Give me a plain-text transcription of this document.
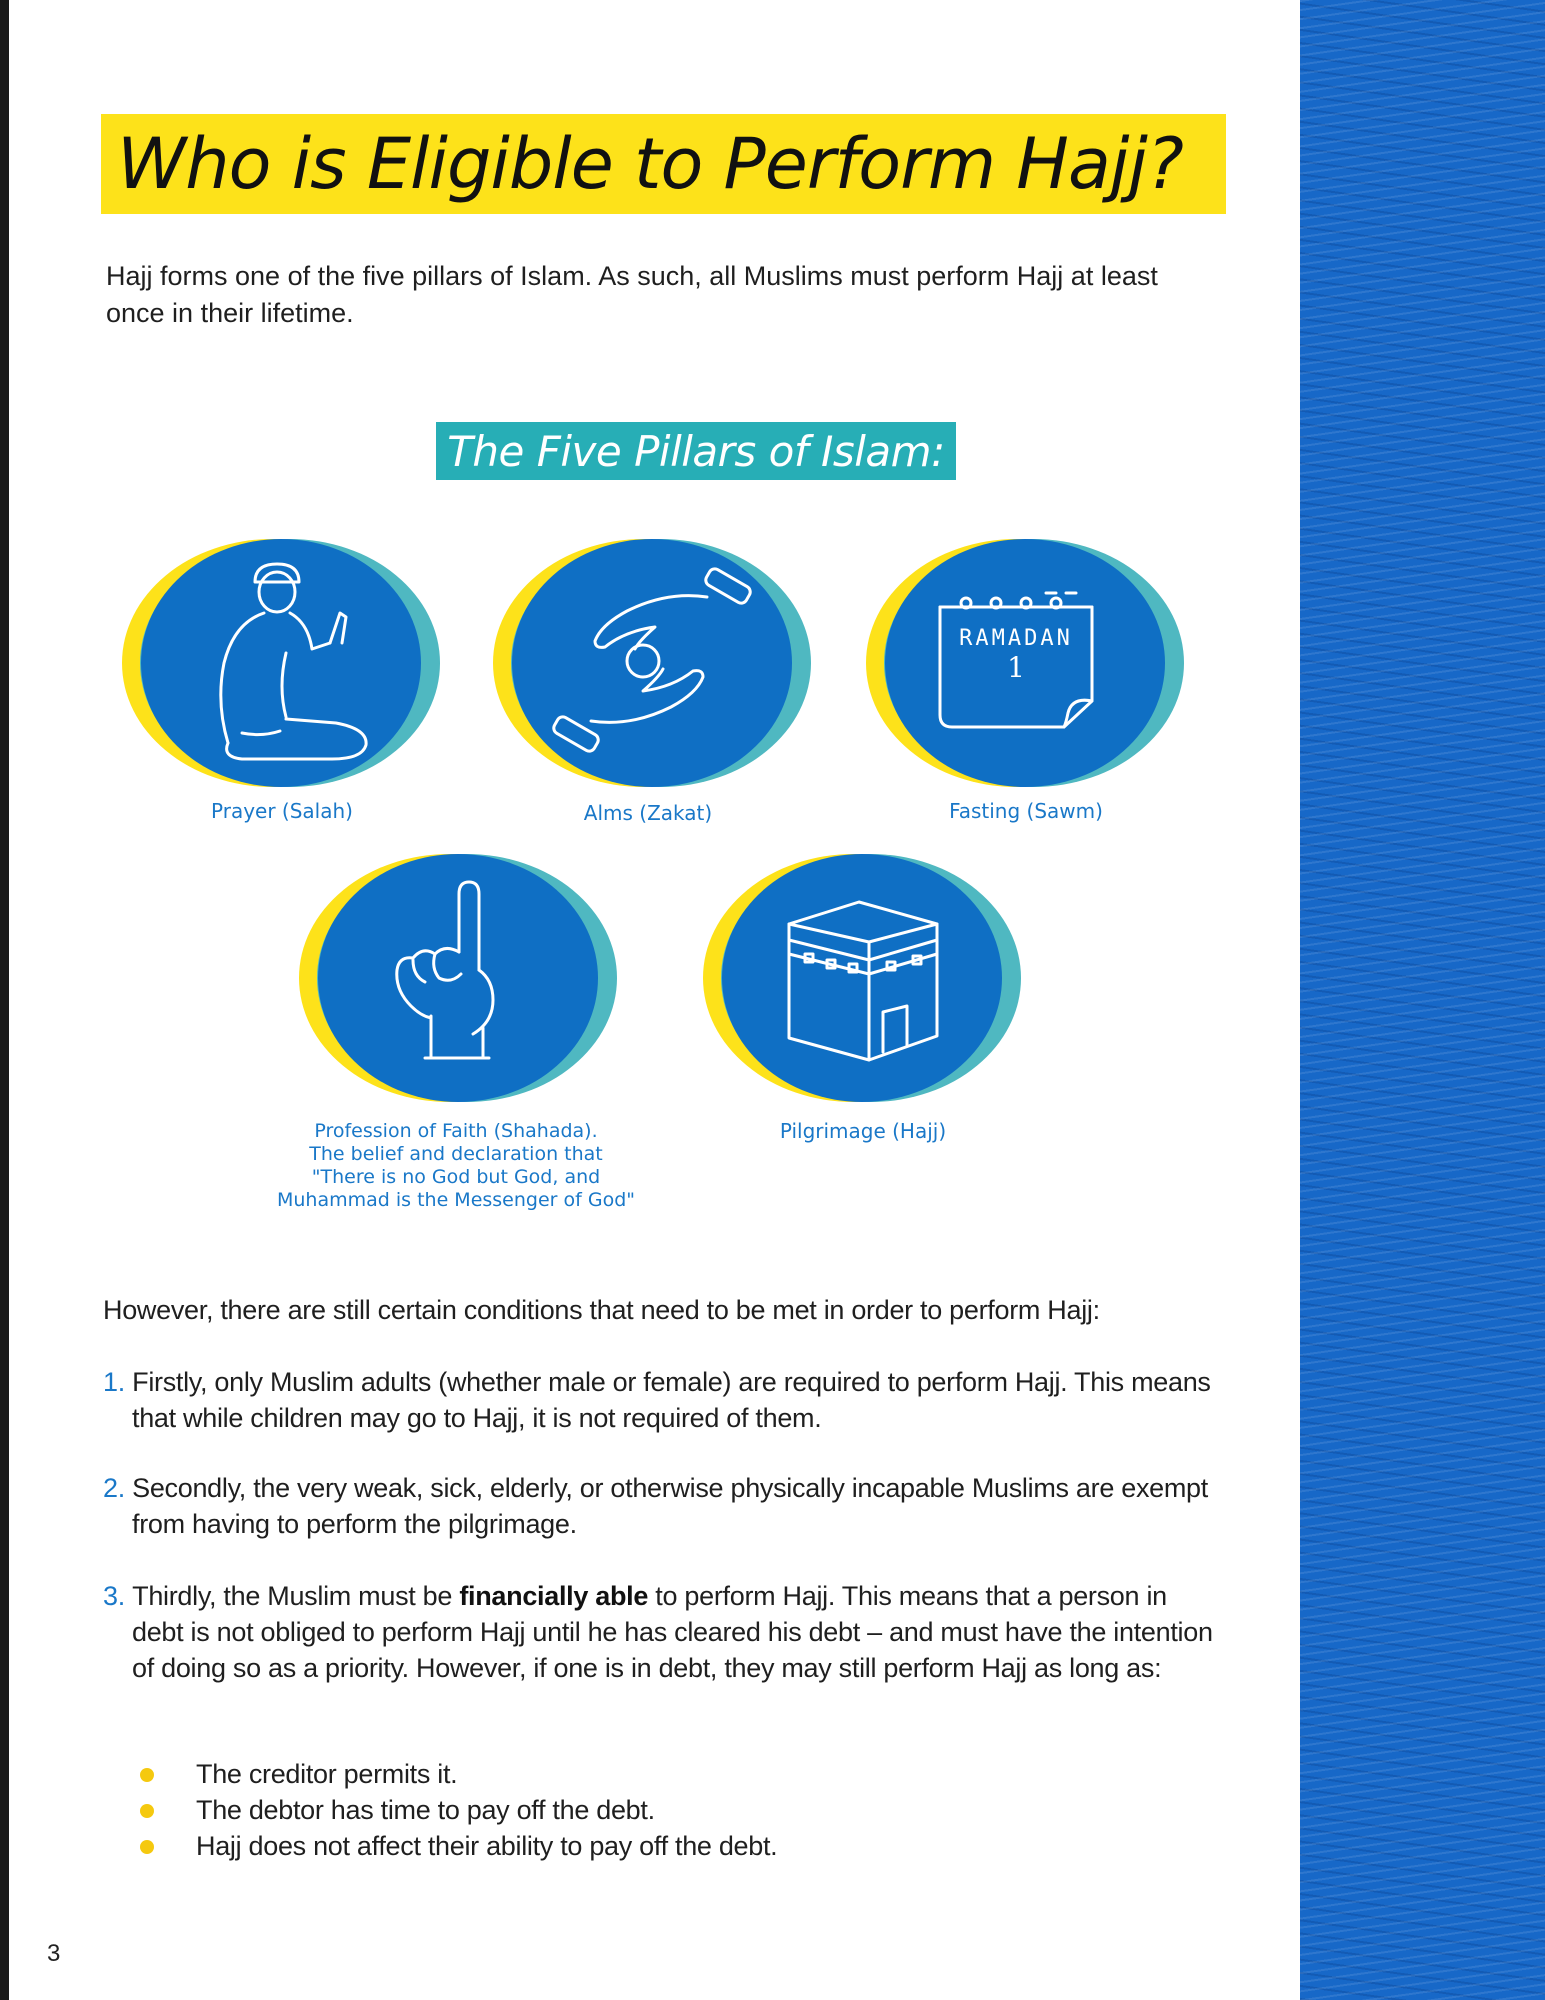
Who is Eligible to Perform Hajj?

Hajj forms one of the five pillars of Islam. As such, all Muslims must perform Hajj at least once in their lifetime.

The Five Pillars of Islam:
Prayer (Salah)	Alms (Zakat)
RAMADAN
1
Fasting (Sawm)
Profession of Faith (Shahada).
The belief and declaration that
"There is no God but God, and
Muhammad is the Messenger of God"
Pilgrimage (Hajj)

However, there are still certain conditions that need to be met in order to perform Hajj:

1. Firstly, only Muslim adults (whether male or female) are required to perform Hajj. This means that while children may go to Hajj, it is not required of them.
2. Secondly, the very weak, sick, elderly, or otherwise physically incapable Muslims are exempt from having to perform the pilgrimage.
3. Thirdly, the Muslim must be financially able to perform Hajj. This means that a person in debt is not obliged to perform Hajj until he has cleared his debt – and must have the intention of doing so as a priority. However, if one is in debt, they may still perform Hajj as long as:
The creditor permits it.
The debtor has time to pay off the debt.
Hajj does not affect their ability to pay off the debt.
3
